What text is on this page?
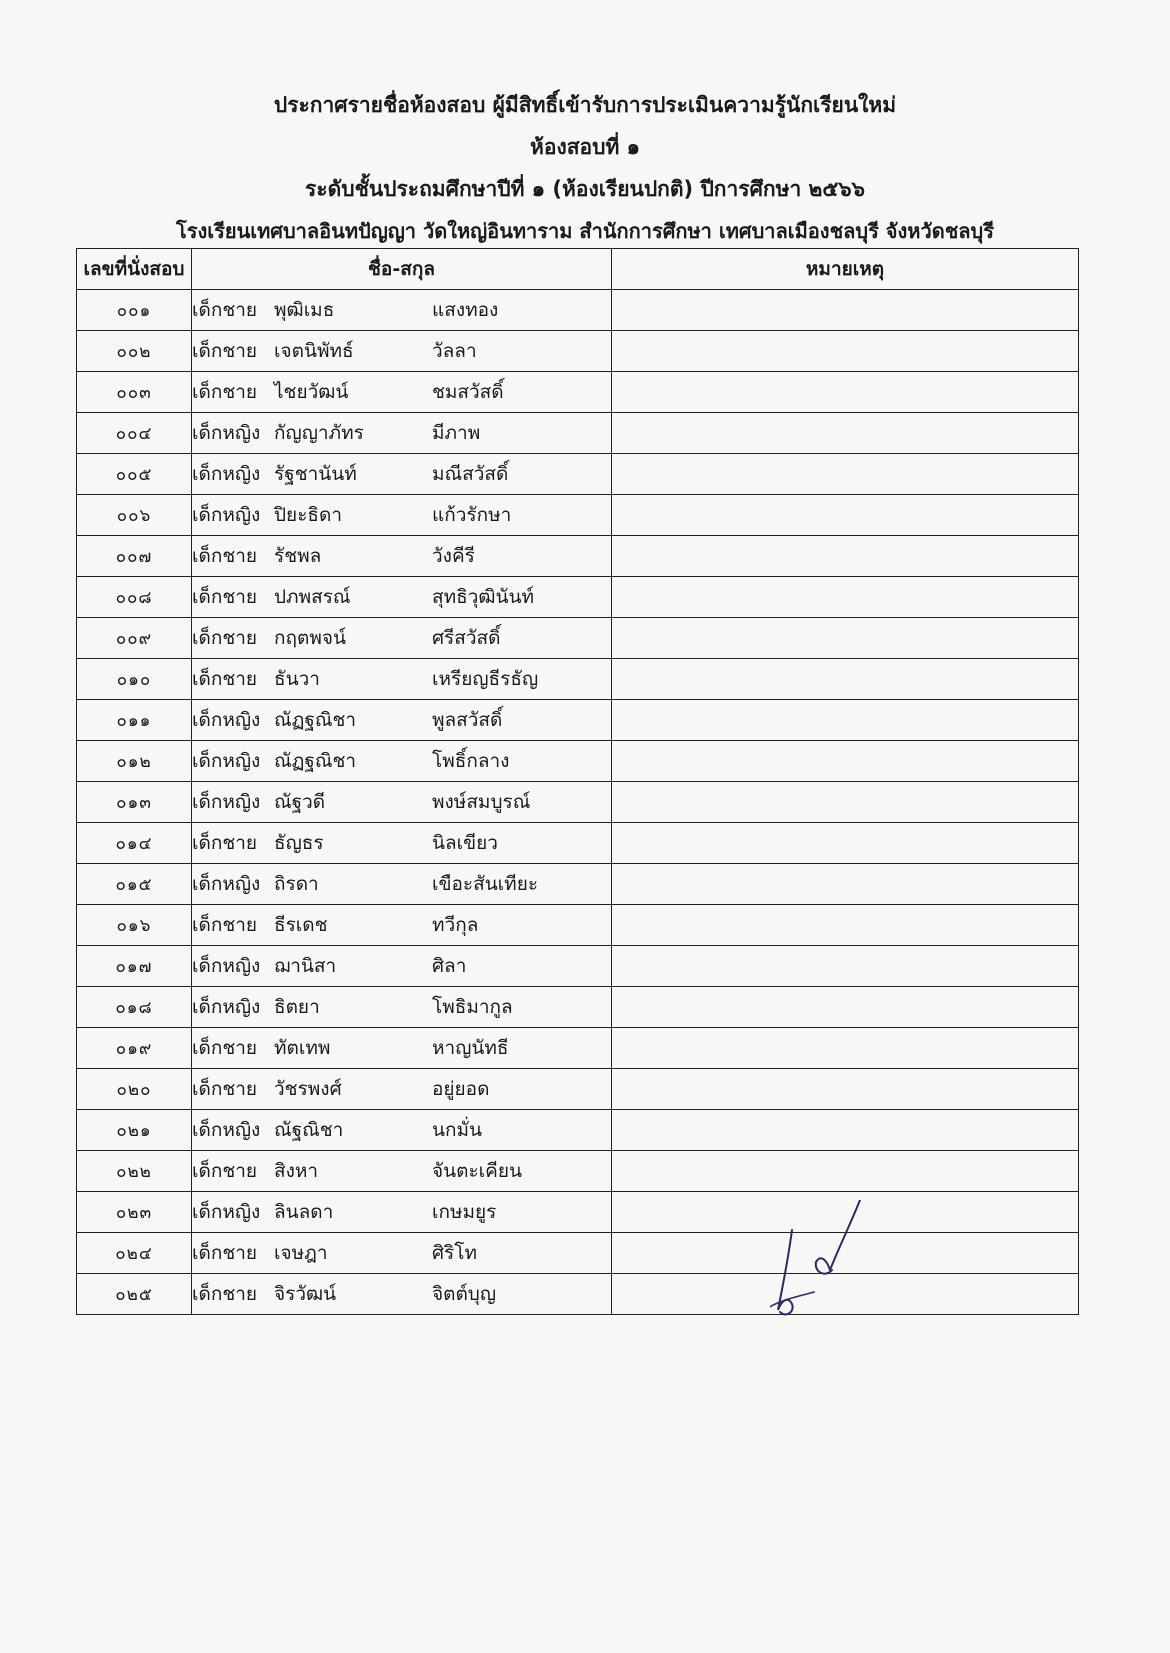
ประกาศรายชื่อห้องสอบ ผู้มีสิทธิ์เข้ารับการประเมินความรู้นักเรียนใหม่
ห้องสอบที่ ๑
ระดับชั้นประถมศึกษาปีที่ ๑ (ห้องเรียนปกติ) ปีการศึกษา ๒๕๖๖
โรงเรียนเทศบาลอินทปัญญา วัดใหญ่อินทาราม สำนักการศึกษา เทศบาลเมืองชลบุรี จังหวัดชลบุรี
เลขที่นั่งสอบ	ชื่อ-สกุล	หมายเหตุ
๐๐๑	เด็กชาย พุฒิเมธ แสงทอง	
๐๐๒	เด็กชาย เจตนิพัทธ์ วัลลา	
๐๐๓	เด็กชาย ไชยวัฒน์ ชมสวัสดิ์	
๐๐๔	เด็กหญิง กัญญาภัทร มีภาพ	
๐๐๕	เด็กหญิง รัฐชานันท์ มณีสวัสดิ์	
๐๐๖	เด็กหญิง ปิยะธิดา แก้วรักษา	
๐๐๗	เด็กชาย รัชพล วังคีรี	
๐๐๘	เด็กชาย ปภพสรณ์ สุทธิวุฒินันท์	
๐๐๙	เด็กชาย กฤตพจน์ ศรีสวัสดิ์	
๐๑๐	เด็กชาย ธันวา เหรียญธีรธัญ	
๐๑๑	เด็กหญิง ณัฏฐณิชา พูลสวัสดิ์	
๐๑๒	เด็กหญิง ณัฏฐณิชา โพธิ์กลาง	
๐๑๓	เด็กหญิง ณัฐวดี พงษ์สมบูรณ์	
๐๑๔	เด็กชาย ธัญธร นิลเขียว	
๐๑๕	เด็กหญิง ถิรดา เขือะสันเทียะ	
๐๑๖	เด็กชาย ธีรเดช ทวีกุล	
๐๑๗	เด็กหญิง ฌานิสา ศิลา	
๐๑๘	เด็กหญิง ธิตยา โพธิมากูล	
๐๑๙	เด็กชาย ทัตเทพ หาญนัทธี	
๐๒๐	เด็กชาย วัชรพงศ์ อยู่ยอด	
๐๒๑	เด็กหญิง ณัฐณิชา นกมั่น	
๐๒๒	เด็กชาย สิงหา จันตะเคียน	
๐๒๓	เด็กหญิง ลินลดา เกษมยูร	
๐๒๔	เด็กชาย เจษฎา ศิริโท	
๐๒๕	เด็กชาย จิรวัฒน์ จิตต์บุญ	
